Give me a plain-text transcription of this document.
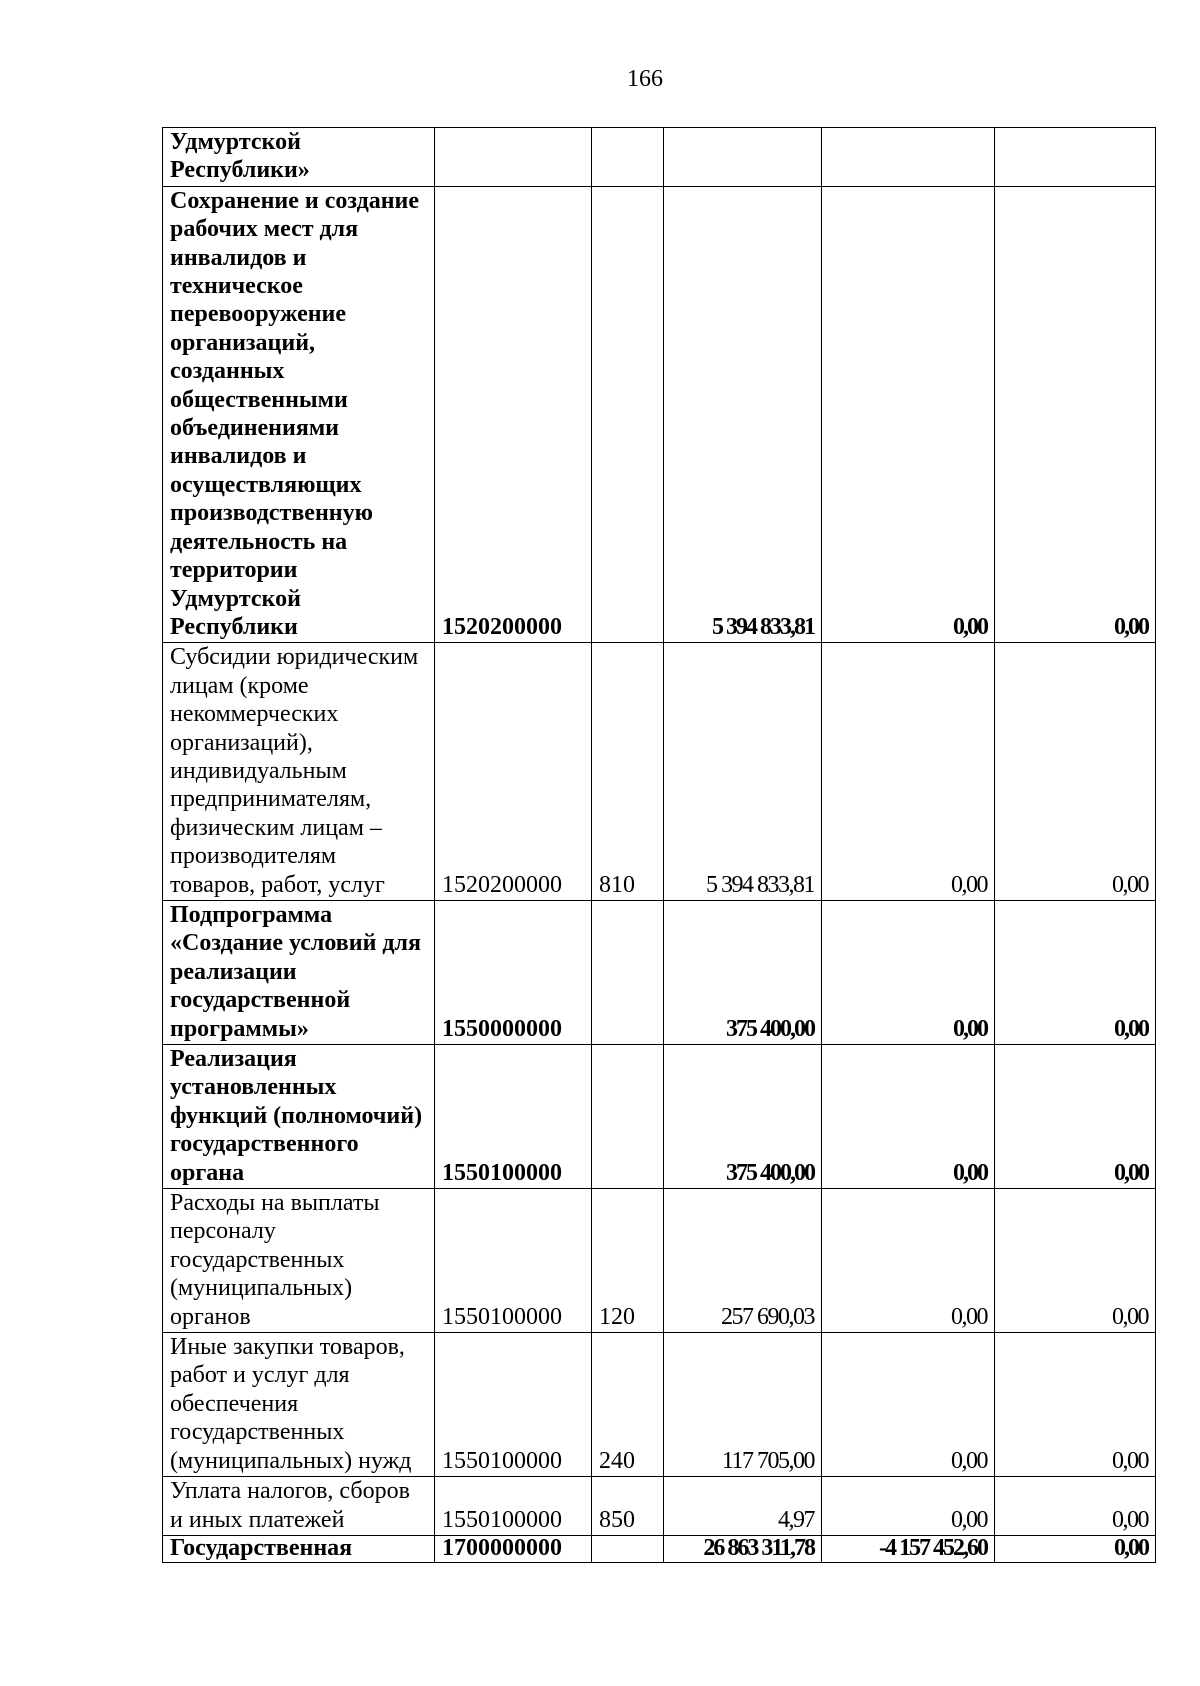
166
Удмуртской Республики»					
Сохранение и создание рабочих мест для инвалидов и техническое перевооружение организаций, созданных общественными объединениями инвалидов и осуществляющих производственную деятельность на территории Удмуртской Республики	1520200000		5 394 833,81	0,00	0,00
Субсидии юридическим лицам (кроме некоммерческих организаций), индивидуальным предпринимателям, физическим лицам – производителям товаров, работ, услуг	1520200000	810	5 394 833,81	0,00	0,00
Подпрограмма «Создание условий для реализации государственной программы»	1550000000		375 400,00	0,00	0,00
Реализация установленных функций (полномочий) государственного органа	1550100000		375 400,00	0,00	0,00
Расходы на выплаты персоналу государственных (муниципальных) органов	1550100000	120	257 690,03	0,00	0,00
Иные закупки товаров, работ и услуг для обеспечения государственных (муниципальных) нужд	1550100000	240	117 705,00	0,00	0,00
Уплата налогов, сборов и иных платежей	1550100000	850	4,97	0,00	0,00
Государственная	1700000000		26 863 311,78	-4 157 452,60	0,00
